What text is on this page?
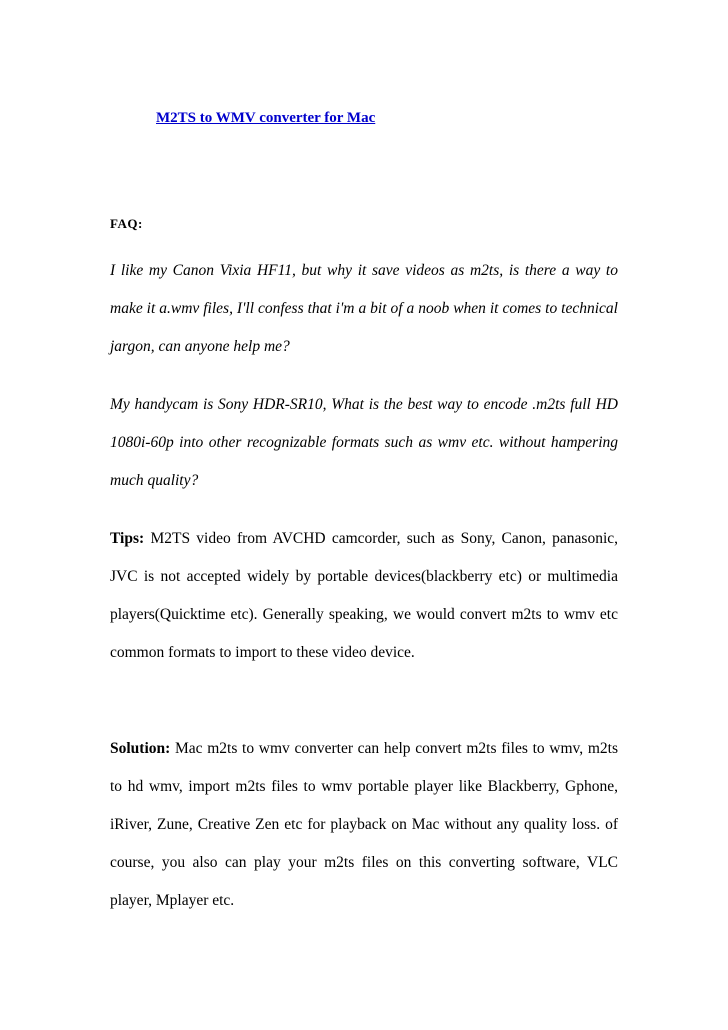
M2TS to WMV converter for Mac
FAQ:
I like my Canon Vixia HF11, but why it save videos as m2ts, is there a way to make it a.wmv files, I'll confess that i'm a bit of a noob when it comes to technical jargon, can anyone help me?
My handycam is Sony HDR-SR10, What is the best way to encode .m2ts full HD 1080i-60p into other recognizable formats such as wmv etc. without hampering much quality?
Tips: M2TS video from AVCHD camcorder, such as Sony, Canon, panasonic, JVC is not accepted widely by portable devices(blackberry etc) or multimedia players(Quicktime etc). Generally speaking, we would convert m2ts to wmv etc common formats to import to these video device.
Solution: Mac m2ts to wmv converter can help convert m2ts files to wmv, m2ts to hd wmv, import m2ts files to wmv portable player like Blackberry, Gphone, iRiver, Zune, Creative Zen etc for playback on Mac without any quality loss. of course, you also can play your m2ts files on this converting software, VLC player, Mplayer etc.
